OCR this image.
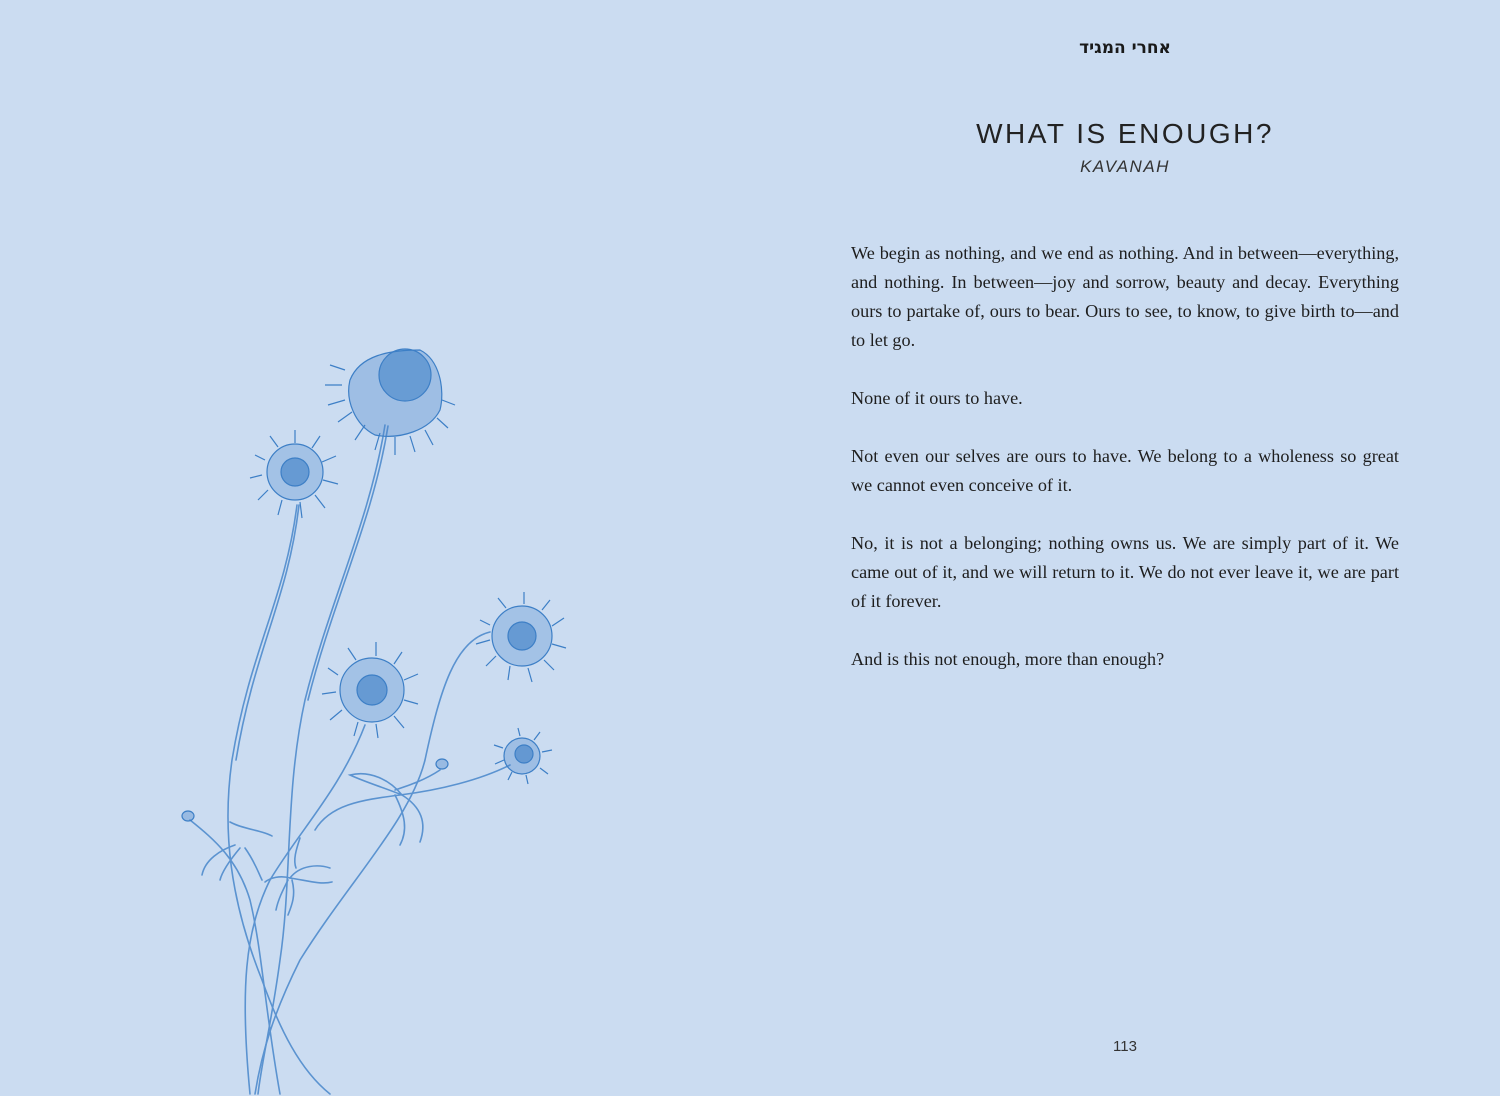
אחרי המגיד
WHAT IS ENOUGH?
KAVANAH

We begin as nothing, and we end as nothing. And in between—everything, and nothing. In between—joy and sorrow, beauty and decay. Everything ours to partake of, ours to bear. Ours to see, to know, to give birth to—and to let go.

None of it ours to have.

Not even our selves are ours to have. We belong to a wholeness so great we cannot even conceive of it.

No, it is not a belonging; nothing owns us. We are simply part of it. We came out of it, and we will return to it. We do not ever leave it, we are part of it forever.

And is this not enough, more than enough?

113
